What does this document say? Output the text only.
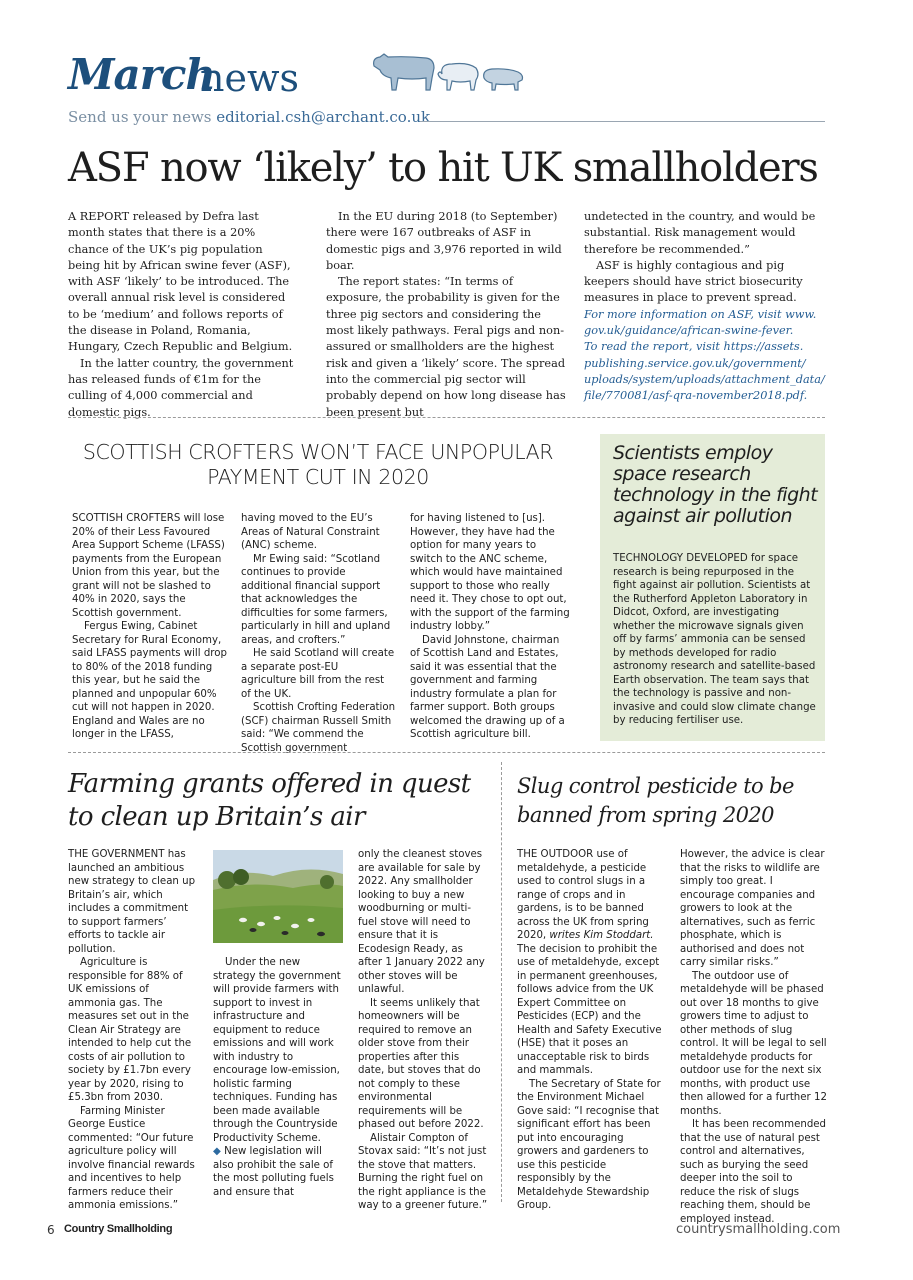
March
news
Send us your news editorial.csh@archant.co.uk
ASF now ‘likely’ to hit UK smallholders

A REPORT released by Defra last month states that there is a 20% chance of the UK’s pig population being hit by African swine fever (ASF), with ASF ‘likely’ to be introduced. The overall annual risk level is considered to be ‘medium’ and follows reports of the disease in Poland, Romania, Hungary, Czech Republic and Belgium.

In the latter country, the government has released funds of €1m for the culling of 4,000 commercial and domestic pigs.

In the EU during 2018 (to September) there were 167 outbreaks of ASF in domestic pigs and 3,976 reported in wild boar.

The report states: “In terms of exposure, the probability is given for the three pig sectors and considering the most likely pathways. Feral pigs and non-assured or smallholders are the highest risk and given a ‘likely’ score. The spread into the commercial pig sector will probably depend on how long disease has been present but

undetected in the country, and would be substantial. Risk management would therefore be recommended.”

ASF is highly contagious and pig keepers should have strict biosecurity measures in place to prevent spread.

For more information on ASF, visit www. gov.uk/guidance/african-swine-fever.

To read the report, visit https://assets. publishing.service.gov.uk/government/ uploads/system/uploads/attachment_data/ file/770081/asf-qra-november2018.pdf.

SCOTTISH CROFTERS WON’T FACE UNPOPULAR PAYMENT CUT IN 2020

SCOTTISH CROFTERS will lose 20% of their Less Favoured Area Support Scheme (LFASS) payments from the European Union from this year, but the grant will not be slashed to 40% in 2020, says the Scottish government.

Fergus Ewing, Cabinet Secretary for Rural Economy, said LFASS payments will drop to 80% of the 2018 funding this year, but he said the planned and unpopular 60% cut will not happen in 2020. England and Wales are no longer in the LFASS,

having moved to the EU’s Areas of Natural Constraint (ANC) scheme.

Mr Ewing said: “Scotland continues to provide additional financial support that acknowledges the difficulties for some farmers, particularly in hill and upland areas, and crofters.”

He said Scotland will create a separate post-EU agriculture bill from the rest of the UK.

Scottish Crofting Federation (SCF) chairman Russell Smith said: “We commend the Scottish government

for having listened to [us]. However, they have had the option for many years to switch to the ANC scheme, which would have maintained support to those who really need it. They chose to opt out, with the support of the farming industry lobby.”

David Johnstone, chairman of Scottish Land and Estates, said it was essential that the government and farming industry formulate a plan for farmer support. Both groups welcomed the drawing up of a Scottish agriculture bill.

Scientists employ space research technology in the fight against air pollution
TECHNOLOGY DEVELOPED for space research is being repurposed in the fight against air pollution. Scientists at the Rutherford Appleton Laboratory in Didcot, Oxford, are investigating whether the microwave signals given off by farms’ ammonia can be sensed by methods developed for radio astronomy research and satellite-based Earth observation. The team says that the technology is passive and non-invasive and could slow climate change by reducing fertiliser use.
Farming grants offered in quest to clean up Britain’s air

THE GOVERNMENT has launched an ambitious new strategy to clean up Britain’s air, which includes a commitment to support farmers’ efforts to tackle air pollution.

Agriculture is responsible for 88% of UK emissions of ammonia gas. The measures set out in the Clean Air Strategy are intended to help cut the costs of air pollution to society by £1.7bn every year by 2020, rising to £5.3bn from 2030.

Farming Minister George Eustice commented: “Our future agriculture policy will involve financial rewards and incentives to help farmers reduce their ammonia emissions.”

Under the new strategy the government will provide farmers with support to invest in infrastructure and equipment to reduce emissions and will work with industry to encourage low-emission, holistic farming techniques. Funding has been made available through the Countryside Productivity Scheme.

◆ New legislation will also prohibit the sale of the most polluting fuels and ensure that

only the cleanest stoves are available for sale by 2022. Any smallholder looking to buy a new woodburning or multi-fuel stove will need to ensure that it is Ecodesign Ready, as after 1 January 2022 any other stoves will be unlawful.

It seems unlikely that homeowners will be required to remove an older stove from their properties after this date, but stoves that do not comply to these environmental requirements will be phased out before 2022.

Alistair Compton of Stovax said: “It’s not just the stove that matters. Burning the right fuel on the right appliance is the way to a greener future.”

Slug control pesticide to be banned from spring 2020

THE OUTDOOR use of metaldehyde, a pesticide used to control slugs in a range of crops and in gardens, is to be banned across the UK from spring 2020, writes Kim Stoddart. The decision to prohibit the use of metaldehyde, except in permanent greenhouses, follows advice from the UK Expert Committee on Pesticides (ECP) and the Health and Safety Executive (HSE) that it poses an unacceptable risk to birds and mammals.

The Secretary of State for the Environment Michael Gove said: “I recognise that significant effort has been put into encouraging growers and gardeners to use this pesticide responsibly by the Metaldehyde Stewardship Group.

However, the advice is clear that the risks to wildlife are simply too great. I encourage companies and growers to look at the alternatives, such as ferric phosphate, which is authorised and does not carry similar risks.”

The outdoor use of metaldehyde will be phased out over 18 months to give growers time to adjust to other methods of slug control. It will be legal to sell metaldehyde products for outdoor use for the next six months, with product use then allowed for a further 12 months.

It has been recommended that the use of natural pest control and alternatives, such as burying the seed deeper into the soil to reduce the risk of slugs reaching them, should be employed instead.

6 Country Smallholding	countrysmallholding.com
